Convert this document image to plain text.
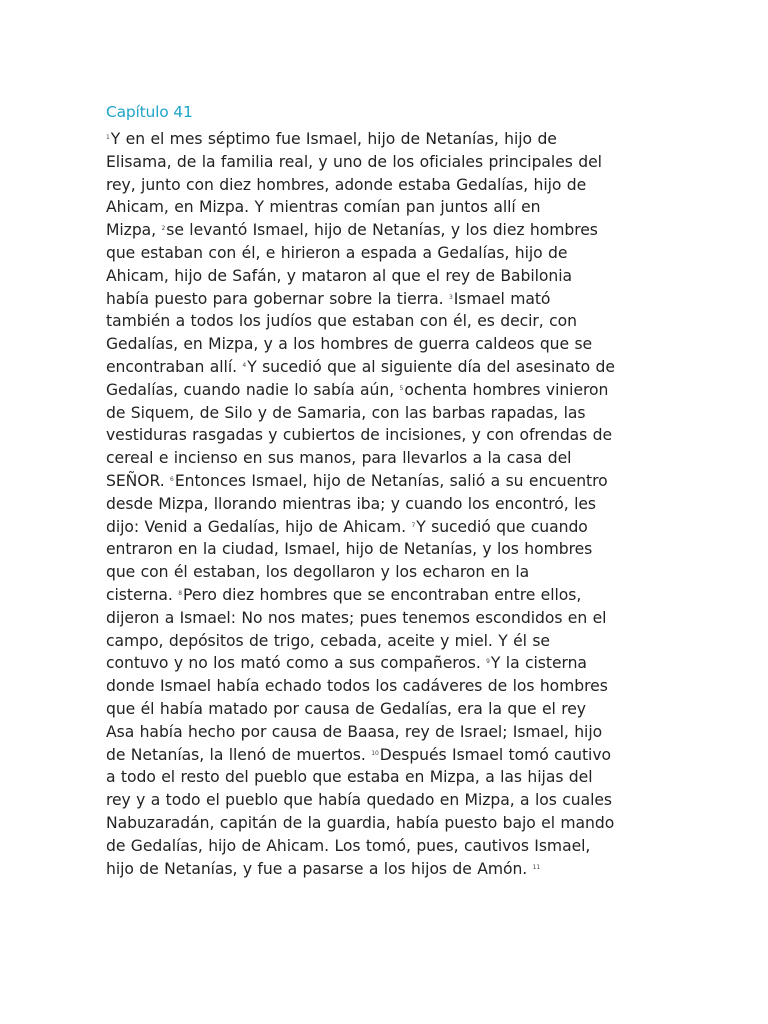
Capítulo 41
$^1$Y en el mes séptimo fue Ismael, hijo de Netanías, hijo de
Elisama, de la familia real, y uno de los oficiales principales del
rey, junto con diez hombres, adonde estaba Gedalías, hijo de
Ahicam, en Mizpa. Y mientras comían pan juntos allí en
Mizpa, $^2$se levantó Ismael, hijo de Netanías, y los diez hombres
que estaban con él, e hirieron a espada a Gedalías, hijo de
Ahicam, hijo de Safán, y mataron al que el rey de Babilonia
había puesto para gobernar sobre la tierra. $^3$Ismael mató
también a todos los judíos que estaban con él, es decir, con
Gedalías, en Mizpa, y a los hombres de guerra caldeos que se
encontraban allí. $^4$Y sucedió que al siguiente día del asesinato de
Gedalías, cuando nadie lo sabía aún, $^5$ochenta hombres vinieron
de Siquem, de Silo y de Samaria, con las barbas rapadas, las
vestiduras rasgadas y cubiertos de incisiones, y con ofrendas de
cereal e incienso en sus manos, para llevarlos a la casa del
SEÑOR. $^6$Entonces Ismael, hijo de Netanías, salió a su encuentro
desde Mizpa, llorando mientras iba; y cuando los encontró, les
dijo: Venid a Gedalías, hijo de Ahicam. $^7$Y sucedió que cuando
entraron en la ciudad, Ismael, hijo de Netanías, y los hombres
que con él estaban, los degollaron y los echaron en la
cisterna. $^8$Pero diez hombres que se encontraban entre ellos,
dijeron a Ismael: No nos mates; pues tenemos escondidos en el
campo, depósitos de trigo, cebada, aceite y miel. Y él se
contuvo y no los mató como a sus compañeros. $^9$Y la cisterna
donde Ismael había echado todos los cadáveres de los hombres
que él había matado por causa de Gedalías, era la que el rey
Asa había hecho por causa de Baasa, rey de Israel; Ismael, hijo
de Netanías, la llenó de muertos. $^{10}$Después Ismael tomó cautivo
a todo el resto del pueblo que estaba en Mizpa, a las hijas del
rey y a todo el pueblo que había quedado en Mizpa, a los cuales
Nabuzaradán, capitán de la guardia, había puesto bajo el mando
de Gedalías, hijo de Ahicam. Los tomó, pues, cautivos Ismael,
hijo de Netanías, y fue a pasarse a los hijos de Amón. $^{11}$
